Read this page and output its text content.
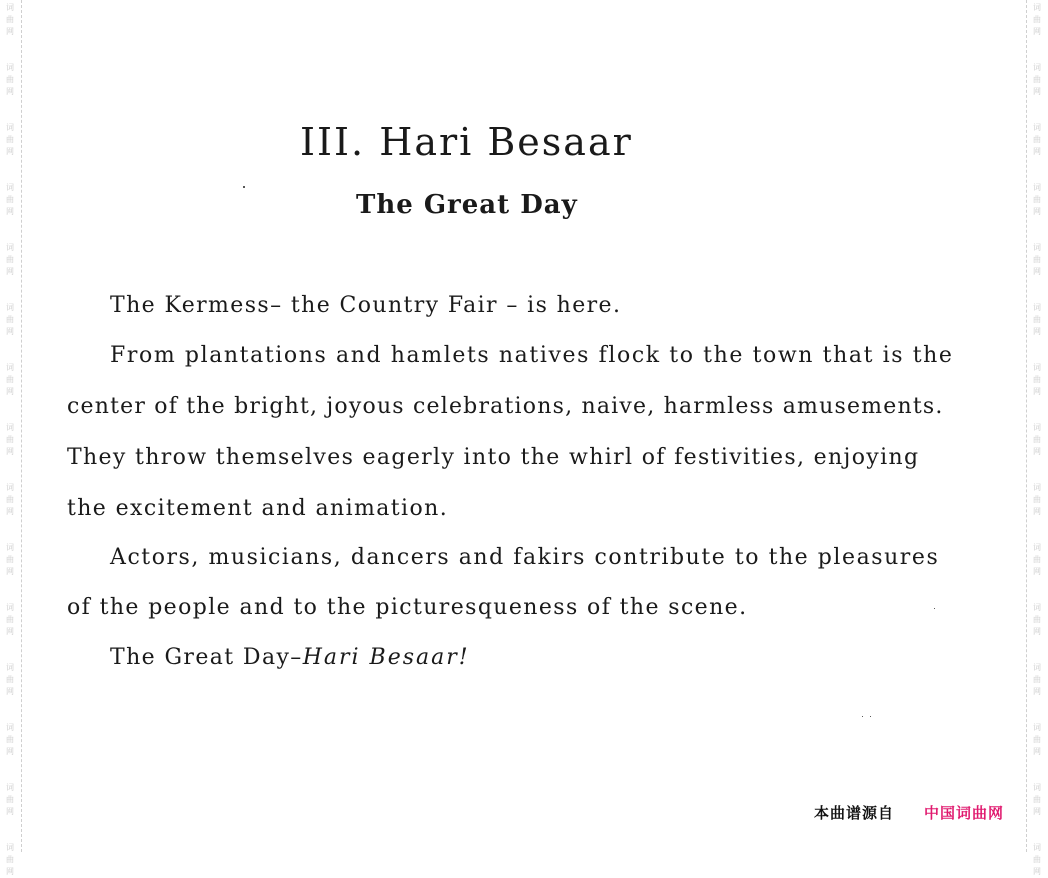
词
曲
网
词
曲
网
词
曲
网
词
曲
网
词
曲
网
词
曲
网
词
曲
网
词
曲
网
词
曲
网
词
曲
网
词
曲
网
词
曲
网
词
曲
网
词
曲
网
词
曲
网
词
曲
网
词
曲
网
词
曲
网
词
曲
网
词
曲
网
词
曲
网
词
曲
网
词
曲
网
词
曲
网
词
曲
网
词
曲
网
词
曲
网
词
曲
网
词
曲
网
词
曲
网
III. Hari Besaar
The Great Day
The Kermess– the Country Fair – is here.
From plantations and hamlets natives flock to the town that is the
center of the bright, joyous celebrations, naive, harmless amusements.
They throw themselves eagerly into the whirl of festivities, enjoying
the excitement and animation.
Actors, musicians, dancers and fakirs contribute to the pleasures
of the people and to the picturesqueness of the scene.
The Great Day–Hari Besaar!
本曲谱源自 中国词曲网
